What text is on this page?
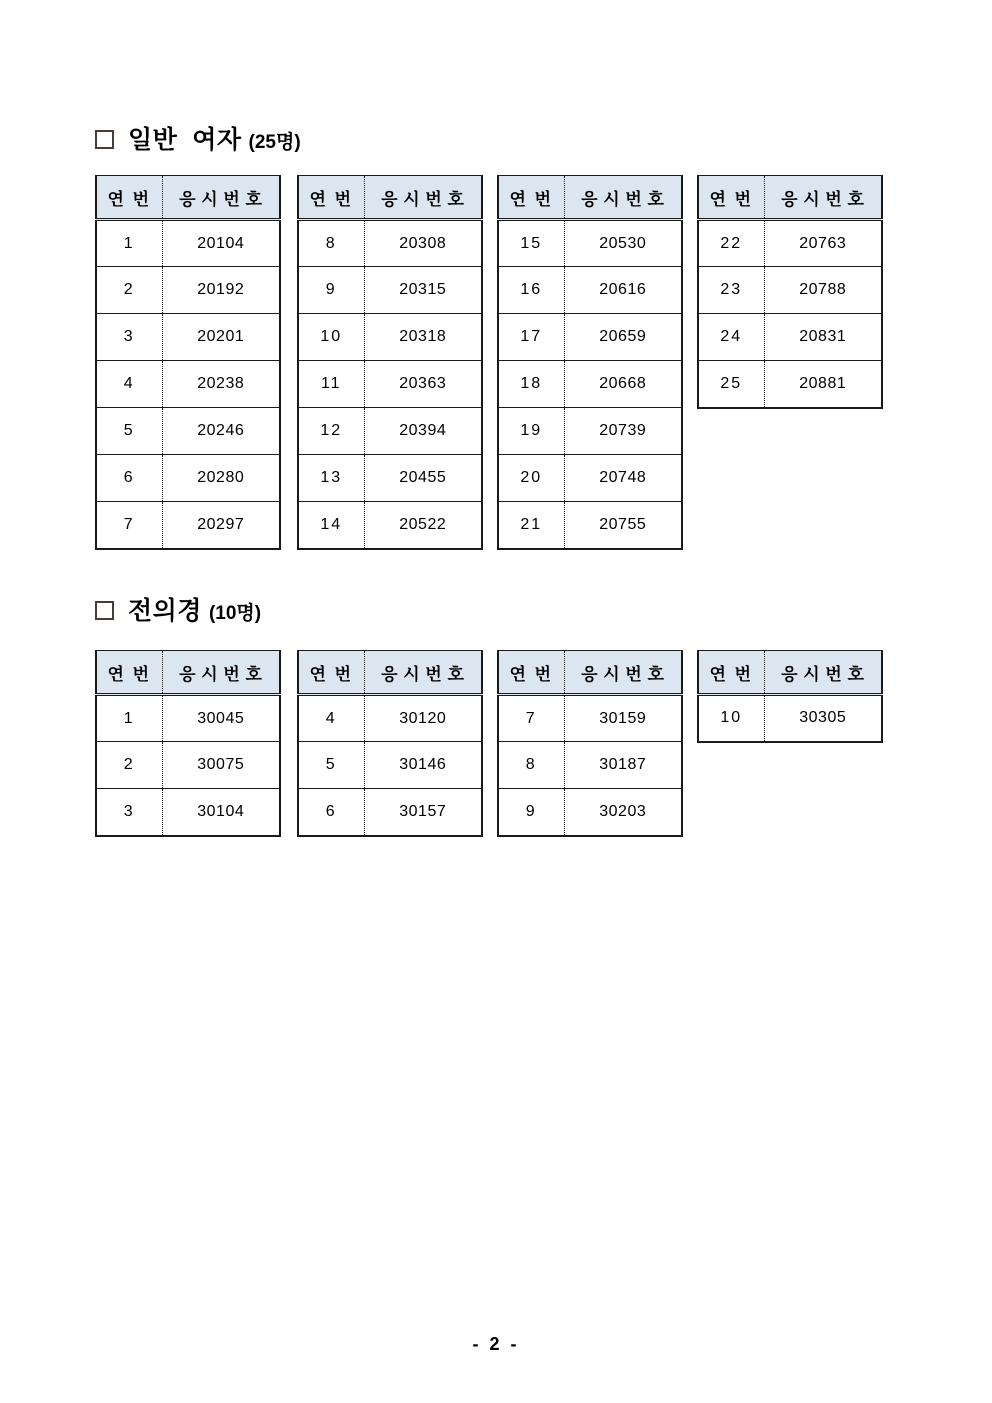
일반  여자 (25명)
연 번	응 시 번 호
1	20104
2	20192
3	20201
4	20238
5	20246
6	20280
7	20297
연 번	응 시 번 호
8	20308
9	20315
10	20318
11	20363
12	20394
13	20455
14	20522
연 번	응 시 번 호
15	20530
16	20616
17	20659
18	20668
19	20739
20	20748
21	20755
연 번	응 시 번 호
22	20763
23	20788
24	20831
25	20881
전의경 (10명)
연 번	응 시 번 호
1	30045
2	30075
3	30104
연 번	응 시 번 호
4	30120
5	30146
6	30157
연 번	응 시 번 호
7	30159
8	30187
9	30203
연 번	응 시 번 호
10	30305
- 2 -
